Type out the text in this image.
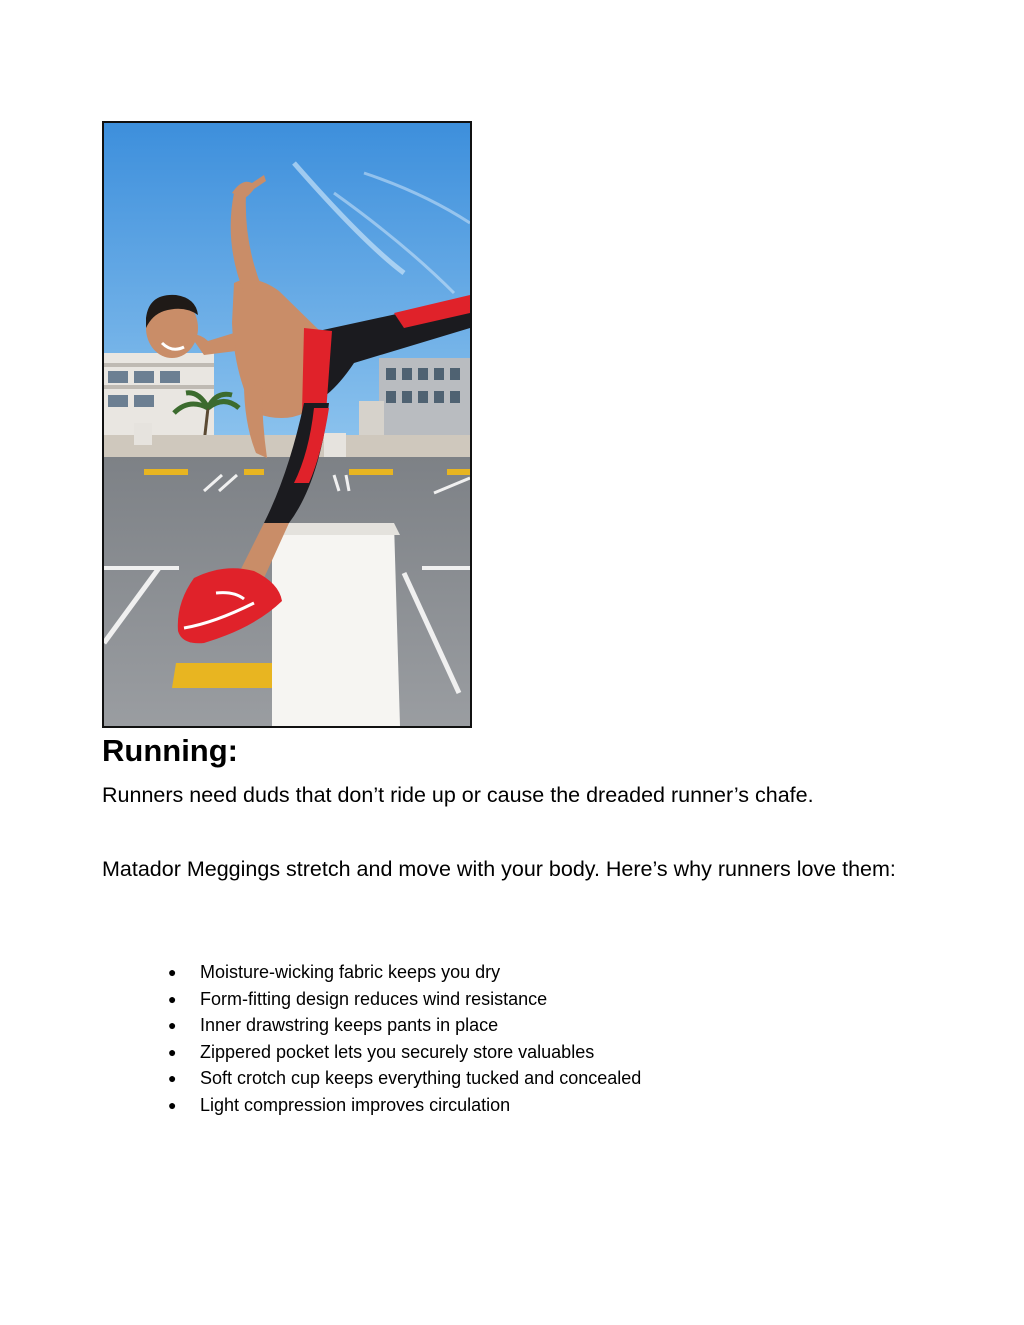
Running:

Runners need duds that don’t ride up or cause the dreaded runner’s chafe.

Matador Meggings stretch and move with your body. Here’s why runners love them:

● Moisture-wicking fabric keeps you dry
● Form-fitting design reduces wind resistance
● Inner drawstring keeps pants in place
● Zippered pocket lets you securely store valuables
● Soft crotch cup keeps everything tucked and concealed
● Light compression improves circulation
